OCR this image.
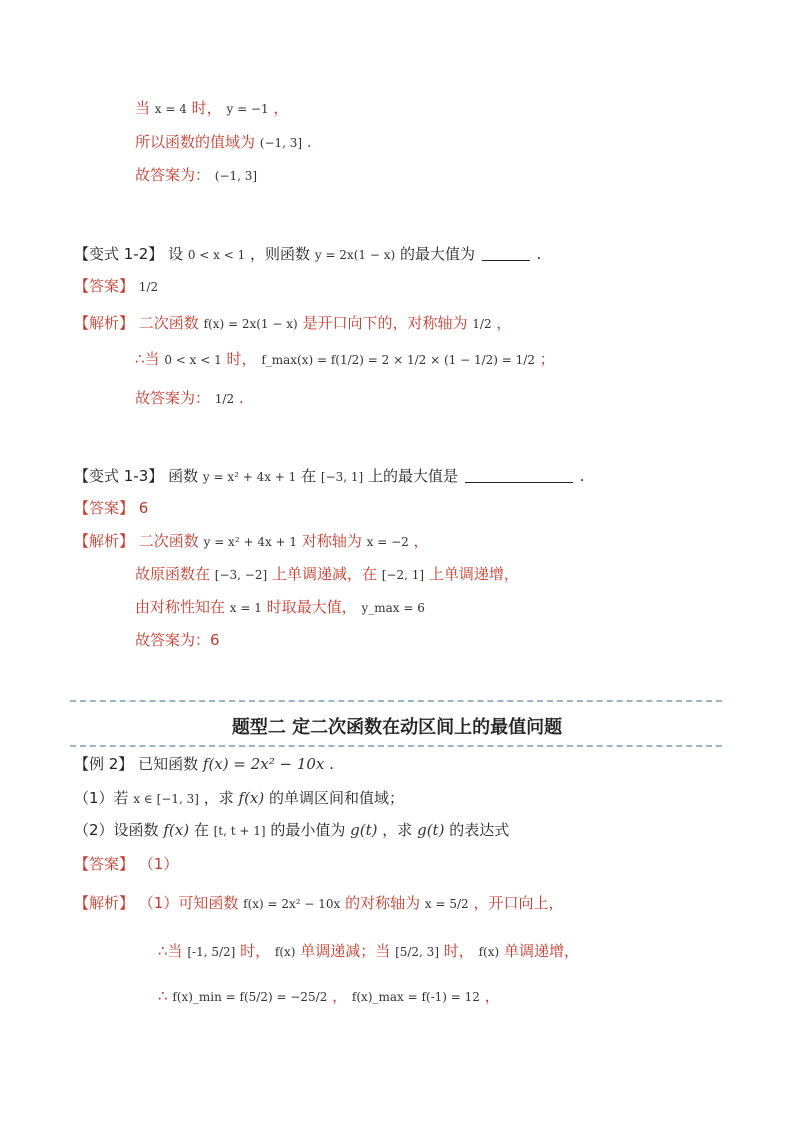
当 x = 4 时， y = −1 ，
所以函数的值域为 (−1, 3] .
故答案为： (−1, 3]
【变式 1-2】 设 0 < x < 1 ，则函数 y = 2x(1 − x) 的最大值为	.
【答案】 1/2
【解析】 二次函数 f(x) = 2x(1 − x) 是开口向下的，对称轴为 1/2 ，
∴当 0 < x < 1 时， f_max(x) = f(1/2) = 2 × 1/2 × (1 − 1/2) = 1/2 ；
故答案为： 1/2 .
【变式 1-3】 函数 y = x² + 4x + 1 在 [−3, 1] 上的最大值是	.
【答案】 6
【解析】 二次函数 y = x² + 4x + 1 对称轴为 x = −2 ，
故原函数在 [−3, −2] 上单调递减，在 [−2, 1] 上单调递增，
由对称性知在 x = 1 时取最大值， y_max = 6
故答案为：6
题型二 定二次函数在动区间上的最值问题
【例 2】 已知函数 f(x) = 2x² − 10x .
（1）若 x ∈ [−1, 3] ，求 f(x) 的单调区间和值域；
（2）设函数 f(x) 在 [t, t + 1] 的最小值为 g(t) ，求 g(t) 的表达式
【答案】 （1）
【解析】 （1）可知函数 f(x) = 2x² − 10x 的对称轴为 x = 5/2 ，开口向上，
∴当 [-1, 5/2] 时， f(x) 单调递减；当 [5/2, 3] 时， f(x) 单调递增，
∴ f(x)_min = f(5/2) = −25/2 ， f(x)_max = f(-1) = 12 ，
